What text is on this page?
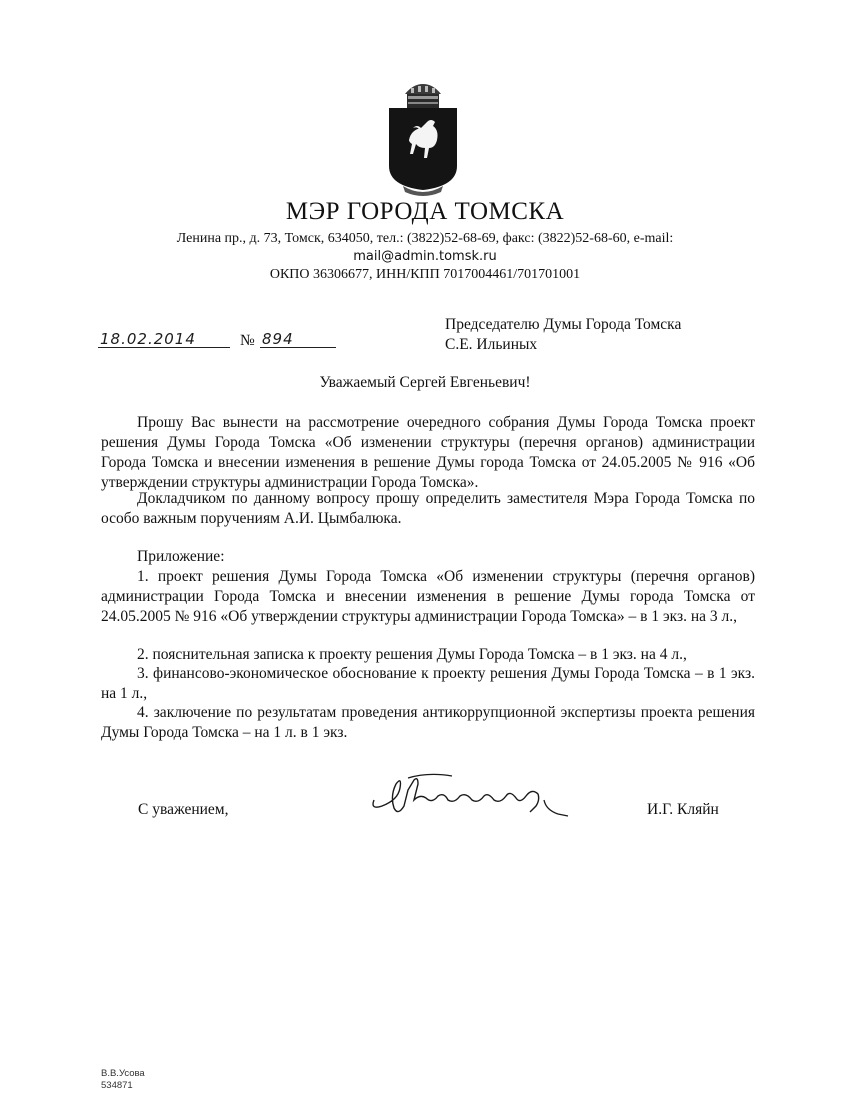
МЭР ГОРОДА ТОМСКА
Ленина пр., д. 73, Томск, 634050, тел.: (3822)52-68-69, факс: (3822)52-68-60, e-mail:
mail@admin.tomsk.ru
ОКПО 36306677, ИНН/КПП 7017004461/701701001
18.02.2014	№ 894
Председателю Думы Города Томска
С.Е. Ильиных
Уважаемый Сергей Евгеньевич!
Прошу Вас вынести на рассмотрение очередного собрания Думы Города Томска проект решения Думы Города Томска «Об изменении структуры (перечня органов) администрации Города Томска и внесении изменения в решение Думы города Томска от 24.05.2005 № 916 «Об утверждении структуры администрации Города Томска».
Докладчиком по данному вопросу прошу определить заместителя Мэра Города Томска по особо важным поручениям А.И. Цымбалюка.
Приложение:
1. проект решения Думы Города Томска «Об изменении структуры (перечня органов) администрации Города Томска и внесении изменения в решение Думы города Томска от 24.05.2005 № 916 «Об утверждении структуры администрации Города Томска» – в 1 экз. на 3 л.,
2. пояснительная записка к проекту решения Думы Города Томска – в 1 экз. на 4 л.,
3. финансово-экономическое обоснование к проекту решения Думы Города Томска – в 1 экз. на 1 л.,
4. заключение по результатам проведения антикоррупционной экспертизы проекта решения Думы Города Томска – на 1 л. в 1 экз.
С уважением,	И.Г. Кляйн
В.В.Усова
534871
